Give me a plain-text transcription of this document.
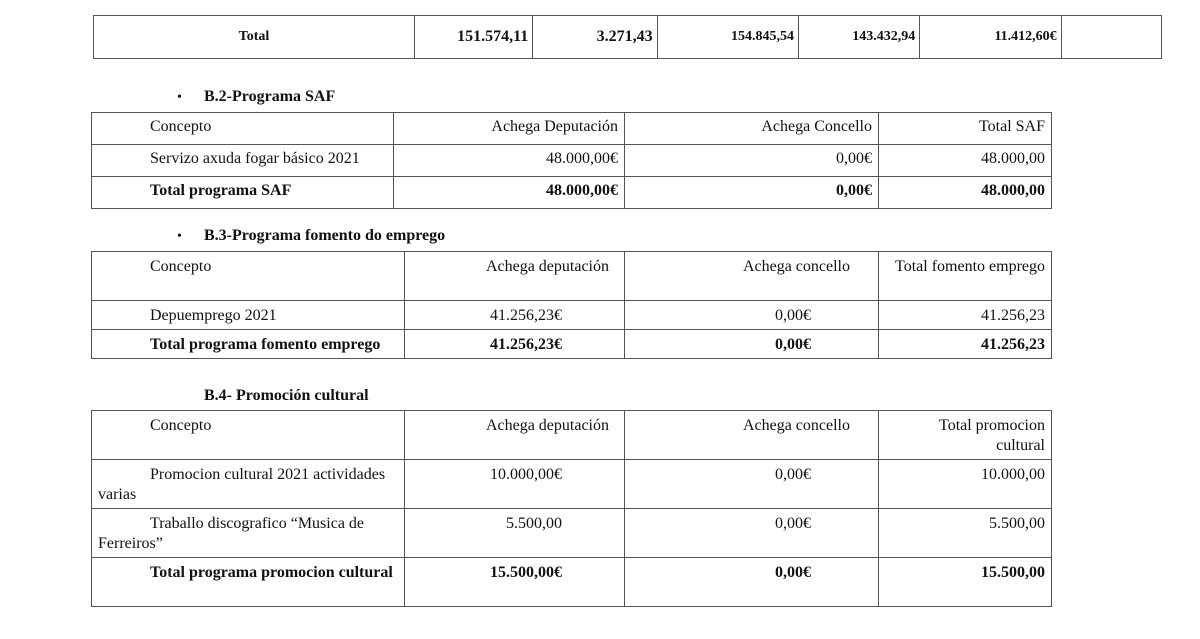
Total	151.574,11	3.271,43	154.845,54	143.432,94	11.412,60€	
• B.2-Programa SAF
Concepto	Achega Deputación	Achega Concello	Total SAF
Servizo axuda fogar básico 2021	48.000,00€	0,00€	48.000,00
Total programa SAF	48.000,00€	0,00€	48.000,00
• B.3-Programa fomento do emprego
Concepto	Achega deputación	Achega concello	Total fomento emprego
Depuemprego 2021	41.256,23€	0,00€	41.256,23
Total programa fomento emprego	41.256,23€	0,00€	41.256,23
B.4- Promoción cultural
Concepto	Achega deputación	Achega concello	Total promocion cultural
Promocion cultural 2021 actividades varias	10.000,00€	0,00€	10.000,00
Traballo discografico “Musica de Ferreiros”	5.500,00	0,00€	5.500,00
Total programa promocion cultural	15.500,00€	0,00€	15.500,00
